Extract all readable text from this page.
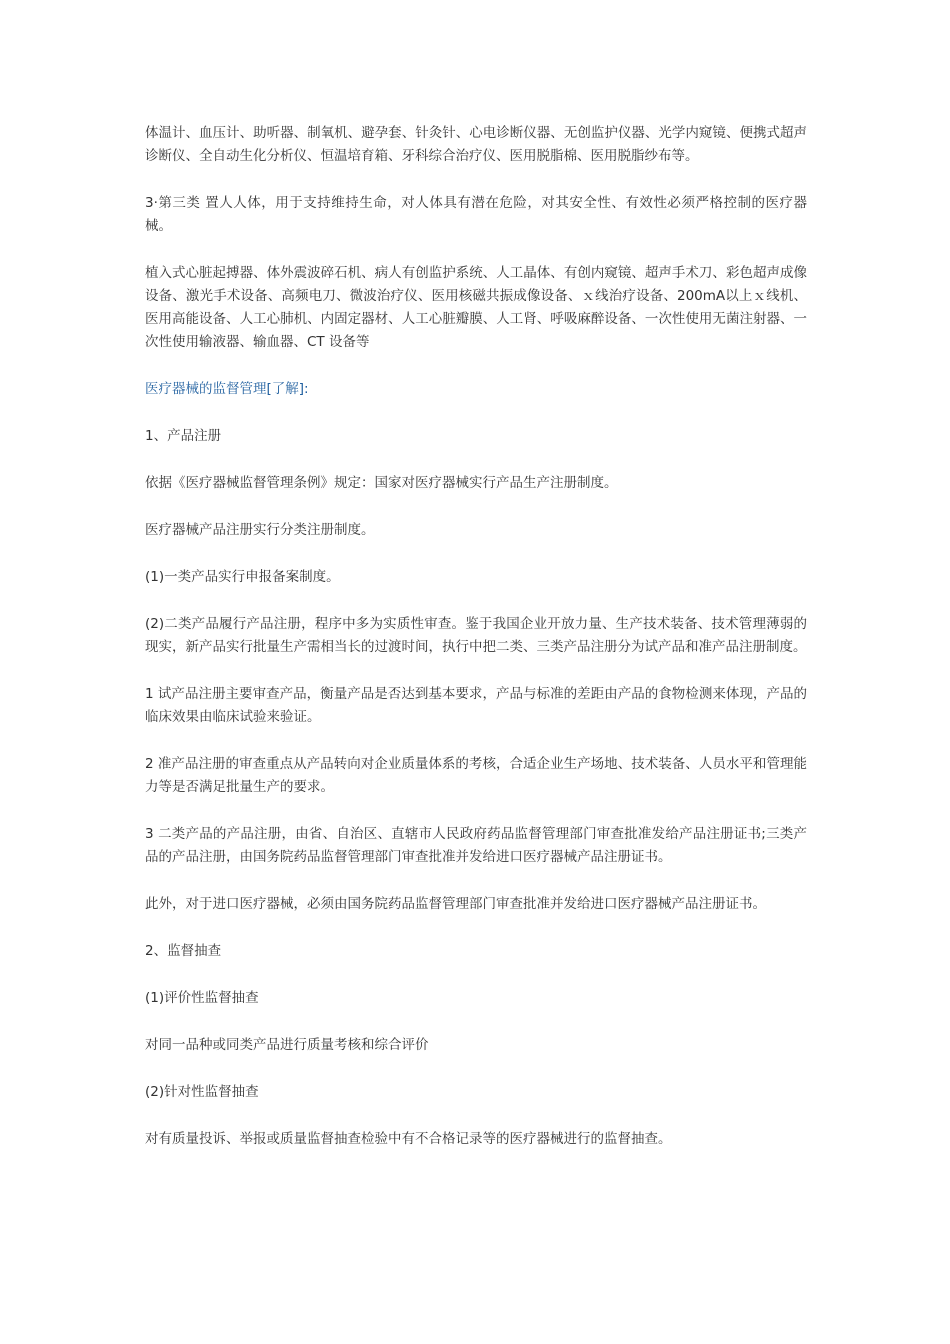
体温计、血压计、助听器、制氧机、避孕套、针灸针、心电诊断仪器、无创监护仪器、光学内窥镜、便携式超声诊断仪、全自动生化分析仪、恒温培育箱、牙科综合治疗仪、医用脱脂棉、医用脱脂纱布等。

3·第三类 置人人体，用于支持维持生命，对人体具有潜在危险，对其安全性、有效性必须严格控制的医疗器械。

植入式心脏起搏器、体外震波碎石机、病人有创监护系统、人工晶体、有创内窥镜、超声手术刀、彩色超声成像设备、激光手术设备、高频电刀、微波治疗仪、医用核磁共振成像设备、ｘ线治疗设备、200mA以上ｘ线机、医用高能设备、人工心肺机、内固定器材、人工心脏瓣膜、人工肾、呼吸麻醉设备、一次性使用无菌注射器、一次性使用输液器、输血器、CT 设备等

医疗器械的监督管理[了解]:

1、产品注册

依据《医疗器械监督管理条例》规定：国家对医疗器械实行产品生产注册制度。

医疗器械产品注册实行分类注册制度。

(1)一类产品实行申报备案制度。

(2)二类产品履行产品注册，程序中多为实质性审查。鉴于我国企业开放力量、生产技术装备、技术管理薄弱的现实，新产品实行批量生产需相当长的过渡时间，执行中把二类、三类产品注册分为试产品和准产品注册制度。

1 试产品注册主要审查产品，衡量产品是否达到基本要求，产品与标准的差距由产品的食物检测来体现，产品的临床效果由临床试验来验证。

2 准产品注册的审查重点从产品转向对企业质量体系的考核，合适企业生产场地、技术装备、人员水平和管理能力等是否满足批量生产的要求。

3 二类产品的产品注册，由省、自治区、直辖市人民政府药品监督管理部门审查批准发给产品注册证书;三类产品的产品注册，由国务院药品监督管理部门审查批准并发给进口医疗器械产品注册证书。

此外，对于进口医疗器械，必须由国务院药品监督管理部门审查批准并发给进口医疗器械产品注册证书。

2、监督抽查

(1)评价性监督抽查

对同一品种或同类产品进行质量考核和综合评价

(2)针对性监督抽查

对有质量投诉、举报或质量监督抽查检验中有不合格记录等的医疗器械进行的监督抽查。
